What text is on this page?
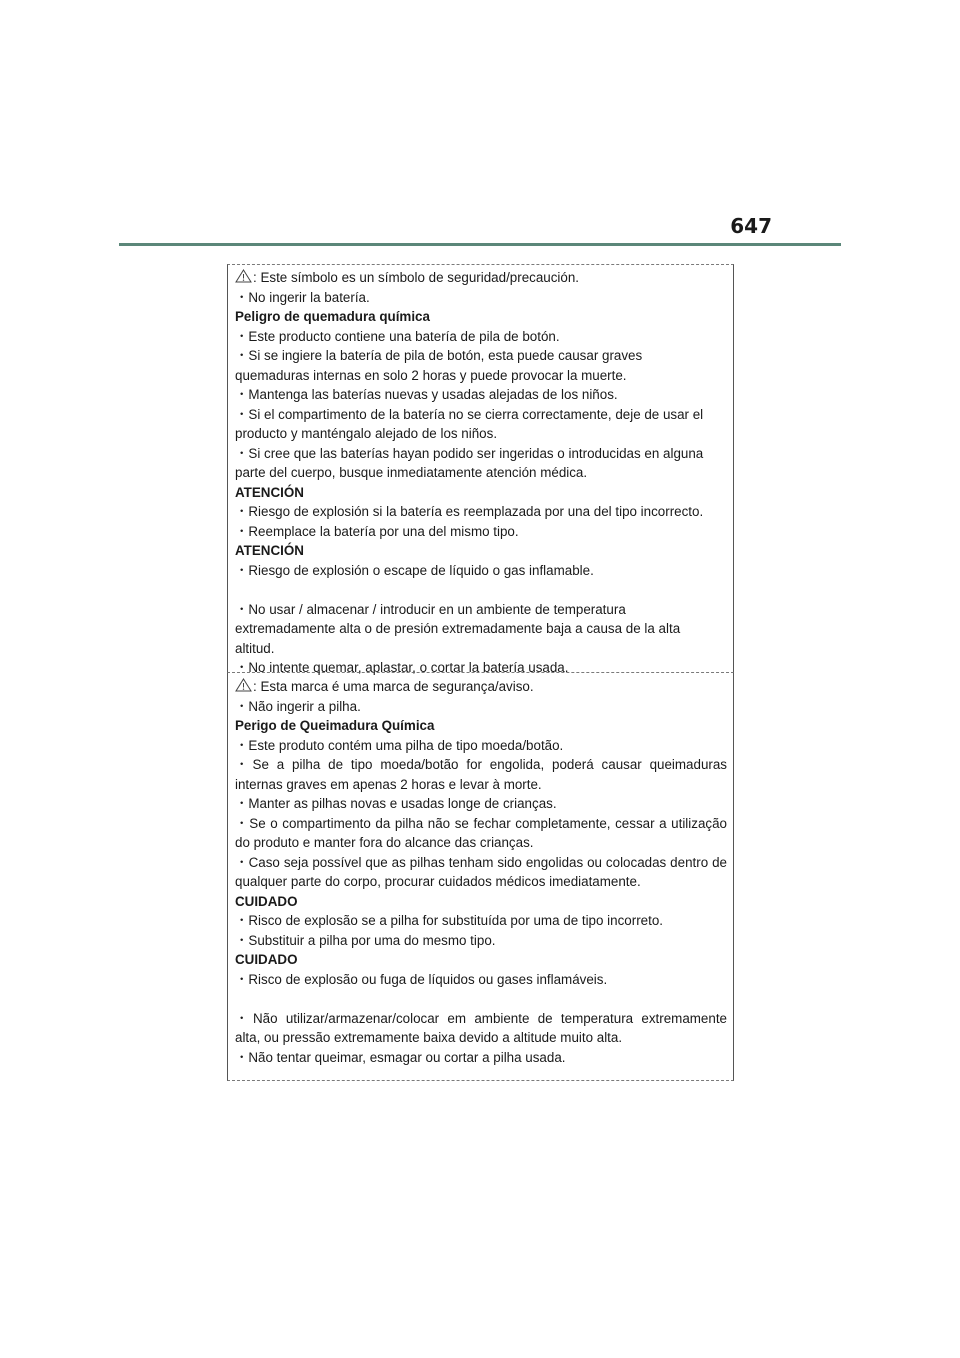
647
: Este símbolo es un símbolo de seguridad/precaución.
・No ingerir la batería.
Peligro de quemadura química
・Este producto contiene una batería de pila de botón.
・Si se ingiere la batería de pila de botón, esta puede causar graves
quemaduras internas en solo 2 horas y puede provocar la muerte.
・Mantenga las baterías nuevas y usadas alejadas de los niños.
・Si el compartimento de la batería no se cierra correctamente, deje de usar el
producto y manténgalo alejado de los niños.
・Si cree que las baterías hayan podido ser ingeridas o introducidas en alguna
parte del cuerpo, busque inmediatamente atención médica.
ATENCIÓN
・Riesgo de explosión si la batería es reemplazada por una del tipo incorrecto.
・Reemplace la batería por una del mismo tipo.
ATENCIÓN
・Riesgo de explosión o escape de líquido o gas inflamable.
・No usar / almacenar / introducir en un ambiente de temperatura
extremadamente alta o de presión extremadamente baja a causa de la alta
altitud.
・No intente quemar, aplastar, o cortar la batería usada.
: Esta marca é uma marca de segurança/aviso.
・Não ingerir a pilha.
Perigo de Queimadura Química
・Este produto contém uma pilha de tipo moeda/botão.
・Se a pilha de tipo moeda/botão for engolida, poderá causar queimaduras
internas graves em apenas 2 horas e levar à morte.
・Manter as pilhas novas e usadas longe de crianças.
・Se o compartimento da pilha não se fechar completamente, cessar a utilização
do produto e manter fora do alcance das crianças.
・Caso seja possível que as pilhas tenham sido engolidas ou colocadas dentro de
qualquer parte do corpo, procurar cuidados médicos imediatamente.
CUIDADO
・Risco de explosão se a pilha for substituída por uma de tipo incorreto.
・Substituir a pilha por uma do mesmo tipo.
CUIDADO
・Risco de explosão ou fuga de líquidos ou gases inflamáveis.
・Não utilizar/armazenar/colocar em ambiente de temperatura extremamente
alta, ou pressão extremamente baixa devido a altitude muito alta.
・Não tentar queimar, esmagar ou cortar a pilha usada.
